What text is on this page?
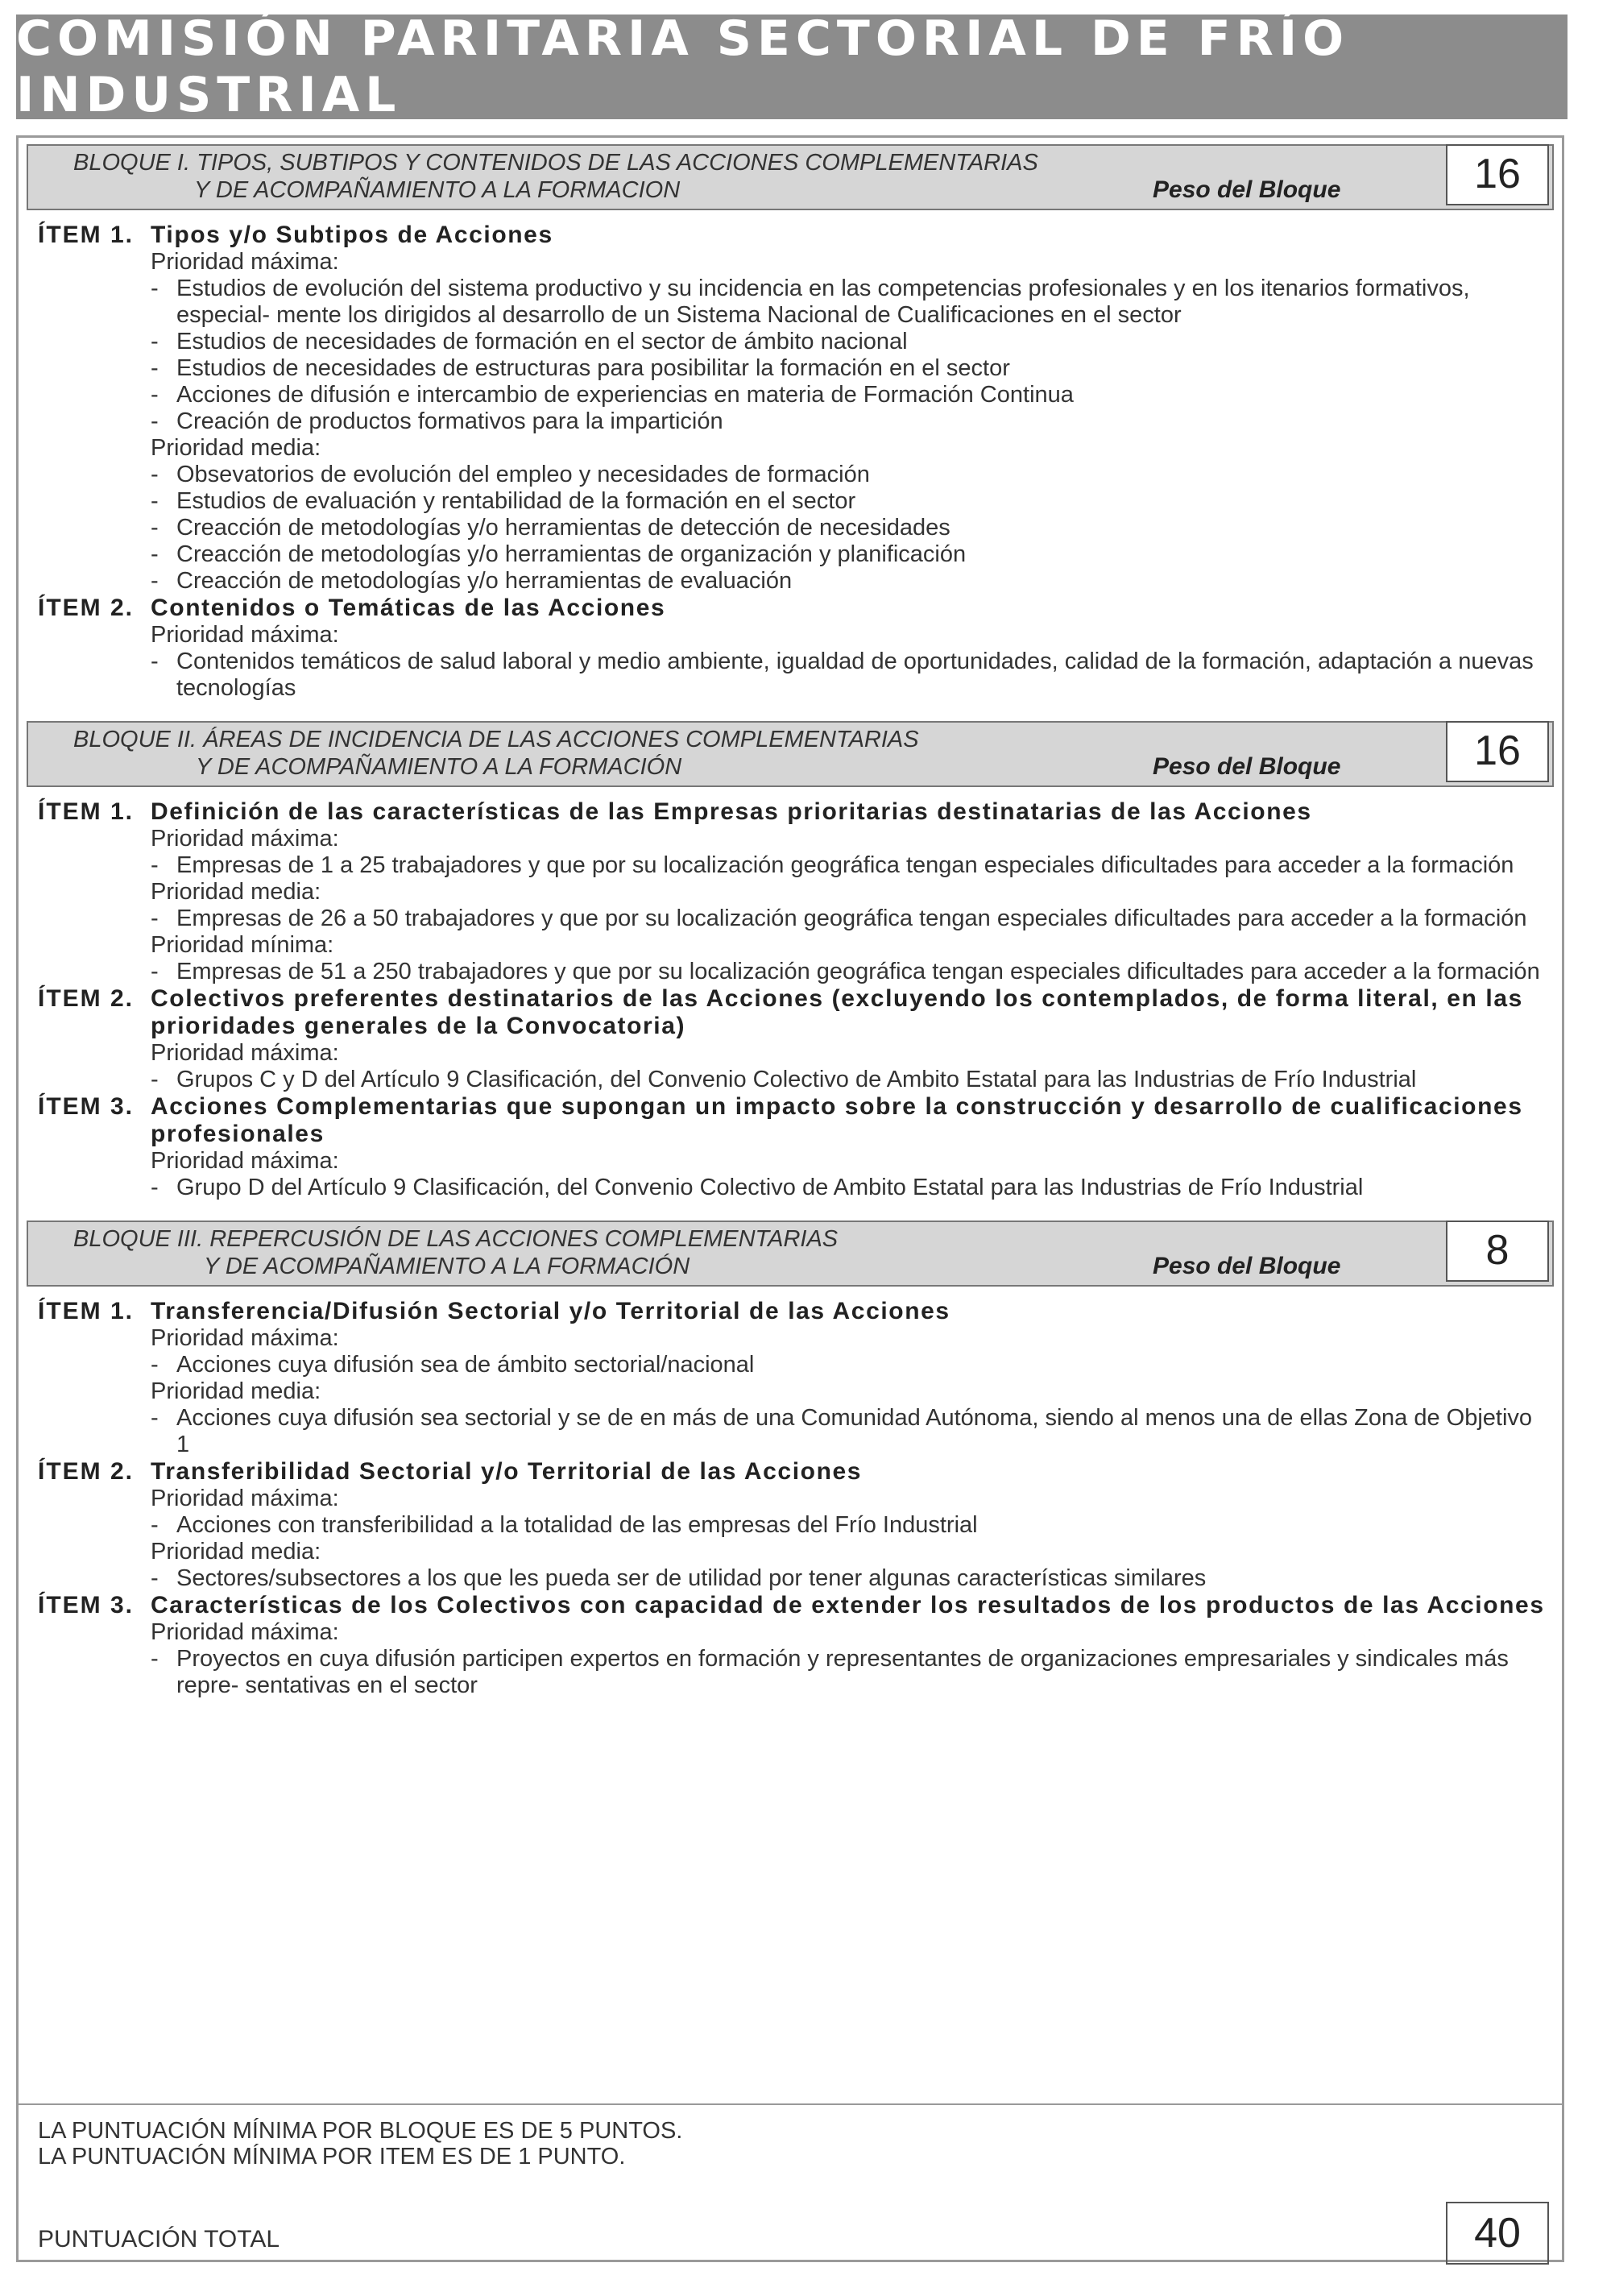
COMISIÓN PARITARIA SECTORIAL DE FRÍO INDUSTRIAL
BLOQUE I. TIPOS, SUBTIPOS Y CONTENIDOS DE LAS ACCIONES COMPLEMENTARIAS
Y DE ACOMPAÑAMIENTO A LA FORMACION	Peso del Bloque	16
ÍTEM 1. Tipos y/o Subtipos de Acciones
Prioridad máxima:
- Estudios de evolución del sistema productivo y su incidencia en las competencias profesionales y en los itenarios formativos, especial- mente los dirigidos al desarrollo de un Sistema Nacional de Cualificaciones en el sector
- Estudios de necesidades de formación en el sector de ámbito nacional
- Estudios de necesidades de estructuras para posibilitar la formación en el sector
- Acciones de difusión e intercambio de experiencias en materia de Formación Continua
- Creación de productos formativos para la impartición
Prioridad media:
- Obsevatorios de evolución del empleo y necesidades de formación
- Estudios de evaluación y rentabilidad de la formación en el sector
- Creacción de metodologías y/o herramientas de detección de necesidades
- Creacción de metodologías y/o herramientas de organización y planificación
- Creacción de metodologías y/o herramientas de evaluación
ÍTEM 2. Contenidos o Temáticas de las Acciones
Prioridad máxima:
- Contenidos temáticos de salud laboral y medio ambiente, igualdad de oportunidades, calidad de la formación, adaptación a nuevas tecnologías
BLOQUE II. ÁREAS DE INCIDENCIA DE LAS ACCIONES COMPLEMENTARIAS
Y DE ACOMPAÑAMIENTO A LA FORMACIÓN	Peso del Bloque	16
ÍTEM 1. Definición de las características de las Empresas prioritarias destinatarias de las Acciones
Prioridad máxima:
- Empresas de 1 a 25 trabajadores y que por su localización geográfica tengan especiales dificultades para acceder a la formación
Prioridad media:
- Empresas de 26 a 50 trabajadores y que por su localización geográfica tengan especiales dificultades para acceder a la formación
Prioridad mínima:
- Empresas de 51 a 250 trabajadores y que por su localización geográfica tengan especiales dificultades para acceder a la formación
ÍTEM 2. Colectivos preferentes destinatarios de las Acciones (excluyendo los contemplados, de forma literal, en las prioridades generales de la Convocatoria)
Prioridad máxima:
- Grupos C y D del Artículo 9 Clasificación, del Convenio Colectivo de Ambito Estatal para las Industrias de Frío Industrial
ÍTEM 3. Acciones Complementarias que supongan un impacto sobre la construcción y desarrollo de cualificaciones profesionales
Prioridad máxima:
- Grupo D del Artículo 9 Clasificación, del Convenio Colectivo de Ambito Estatal para las Industrias de Frío Industrial
BLOQUE III. REPERCUSIÓN DE LAS ACCIONES COMPLEMENTARIAS
Y DE ACOMPAÑAMIENTO A LA FORMACIÓN	Peso del Bloque	8
ÍTEM 1. Transferencia/Difusión Sectorial y/o Territorial de las Acciones
Prioridad máxima:
- Acciones cuya difusión sea de ámbito sectorial/nacional
Prioridad media:
- Acciones cuya difusión sea sectorial y se de en más de una Comunidad Autónoma, siendo al menos una de ellas Zona de Objetivo 1
ÍTEM 2. Transferibilidad Sectorial y/o Territorial de las Acciones
Prioridad máxima:
- Acciones con transferibilidad a la totalidad de las empresas del Frío Industrial
Prioridad media:
- Sectores/subsectores a los que les pueda ser de utilidad por tener algunas características similares
ÍTEM 3. Características de los Colectivos con capacidad de extender los resultados de los productos de las Acciones
Prioridad máxima:
- Proyectos en cuya difusión participen expertos en formación y representantes de organizaciones empresariales y sindicales más repre- sentativas en el sector
LA PUNTUACIÓN MÍNIMA POR BLOQUE ES DE 5 PUNTOS.
LA PUNTUACIÓN MÍNIMA POR ITEM ES DE 1 PUNTO.
PUNTUACIÓN TOTAL	40
